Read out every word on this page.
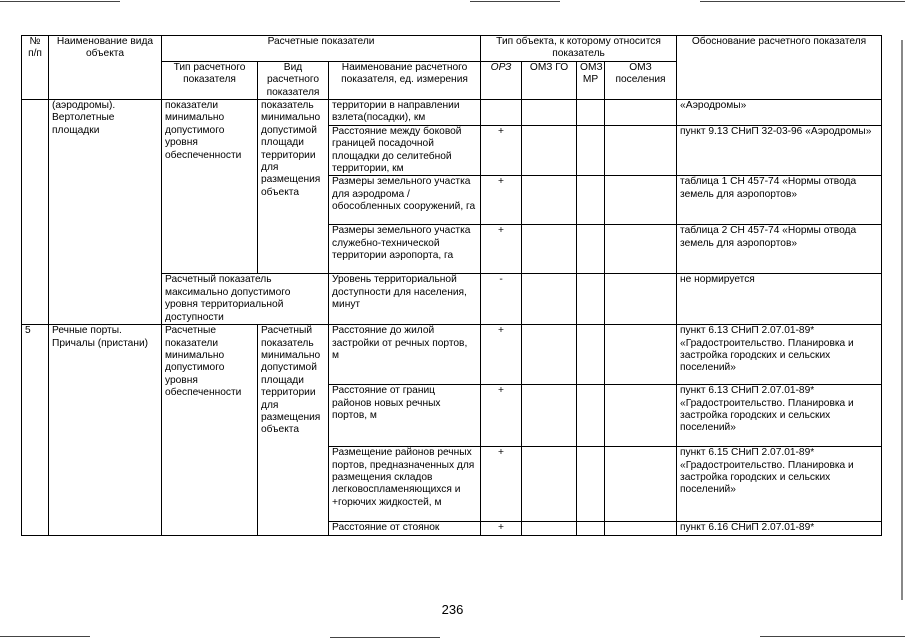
№ п/п	Наименование вида объекта	Расчетные показатели			Тип объекта, к которому относится показатель				Обоснование расчетного показателя
		Тип расчетного показателя	Вид расчетного показателя	Наименование расчетного показателя, ед. измерения	ОРЗ	ОМЗ ГО	ОМЗ МР	ОМЗ поселения	
	(аэродромы). Вертолетные площадки	показатели минимально допустимого уровня обеспеченности	показатель минимально допустимой площади территории для размещения объекта	территории в направлении взлета(посадки), км					«Аэродромы»
				Расстояние между боковой границей посадочной площадки до селитебной территории, км	+				пункт 9.13 СНиП 32-03-96 «Аэродромы»
				Размеры земельного участка для аэродрома / обособленных сооружений, га	+				таблица 1 СН 457-74 «Нормы отвода земель для аэропортов»
				Размеры земельного участка служебно-технической территории аэропорта, га	+				таблица 2 СН 457-74 «Нормы отвода земель для аэропортов»
		Расчетный показатель максимально допустимого уровня территориальной доступности		Уровень территориальной доступности для населения, минут	-				не нормируется
5	Речные порты. Причалы (пристани)	Расчетные показатели минимально допустимого уровня обеспеченности	Расчетный показатель минимально допустимой площади территории для размещения объекта	Расстояние до жилой застройки от речных портов, м	+				пункт 6.13 СНиП 2.07.01-89* «Градостроительство. Планировка и застройка городских и сельских поселений»
				Расстояние от границ районов новых речных портов, м	+				пункт 6.13 СНиП 2.07.01-89* «Градостроительство. Планировка и застройка городских и сельских поселений»
				Размещение районов речных портов, предназначенных для размещения складов легковоспламеняющихся и +горючих жидкостей, м	+				пункт 6.15 СНиП 2.07.01-89* «Градостроительство. Планировка и застройка городских и сельских поселений»
				Расстояние от стоянок	+				пункт 6.16 СНиП 2.07.01-89*
236
